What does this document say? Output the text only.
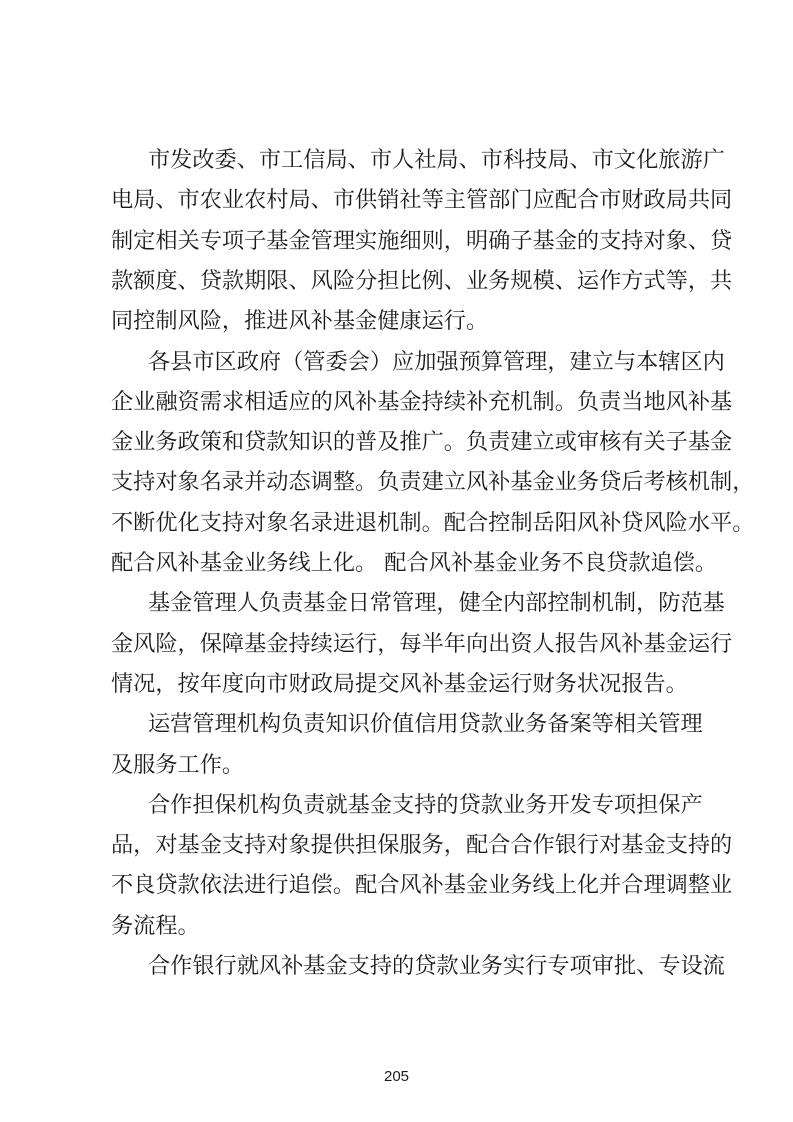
市发改委、市工信局、市人社局、市科技局、市文化旅游广
电局、市农业农村局、市供销社等主管部门应配合市财政局共同
制定相关专项子基金管理实施细则，明确子基金的支持对象、贷
款额度、贷款期限、风险分担比例、业务规模、运作方式等，共
同控制风险，推进风补基金健康运行。
各县市区政府（管委会）应加强预算管理，建立与本辖区内
企业融资需求相适应的风补基金持续补充机制。负责当地风补基
金业务政策和贷款知识的普及推广。负责建立或审核有关子基金
支持对象名录并动态调整。负责建立风补基金业务贷后考核机制，
不断优化支持对象名录进退机制。配合控制岳阳风补贷风险水平。
配合风补基金业务线上化。 配合风补基金业务不良贷款追偿。
基金管理人负责基金日常管理，健全内部控制机制，防范基
金风险，保障基金持续运行，每半年向出资人报告风补基金运行
情况，按年度向市财政局提交风补基金运行财务状况报告。
运营管理机构负责知识价值信用贷款业务备案等相关管理
及服务工作。
合作担保机构负责就基金支持的贷款业务开发专项担保产
品，对基金支持对象提供担保服务，配合合作银行对基金支持的
不良贷款依法进行追偿。配合风补基金业务线上化并合理调整业
务流程。
合作银行就风补基金支持的贷款业务实行专项审批、专设流
205
